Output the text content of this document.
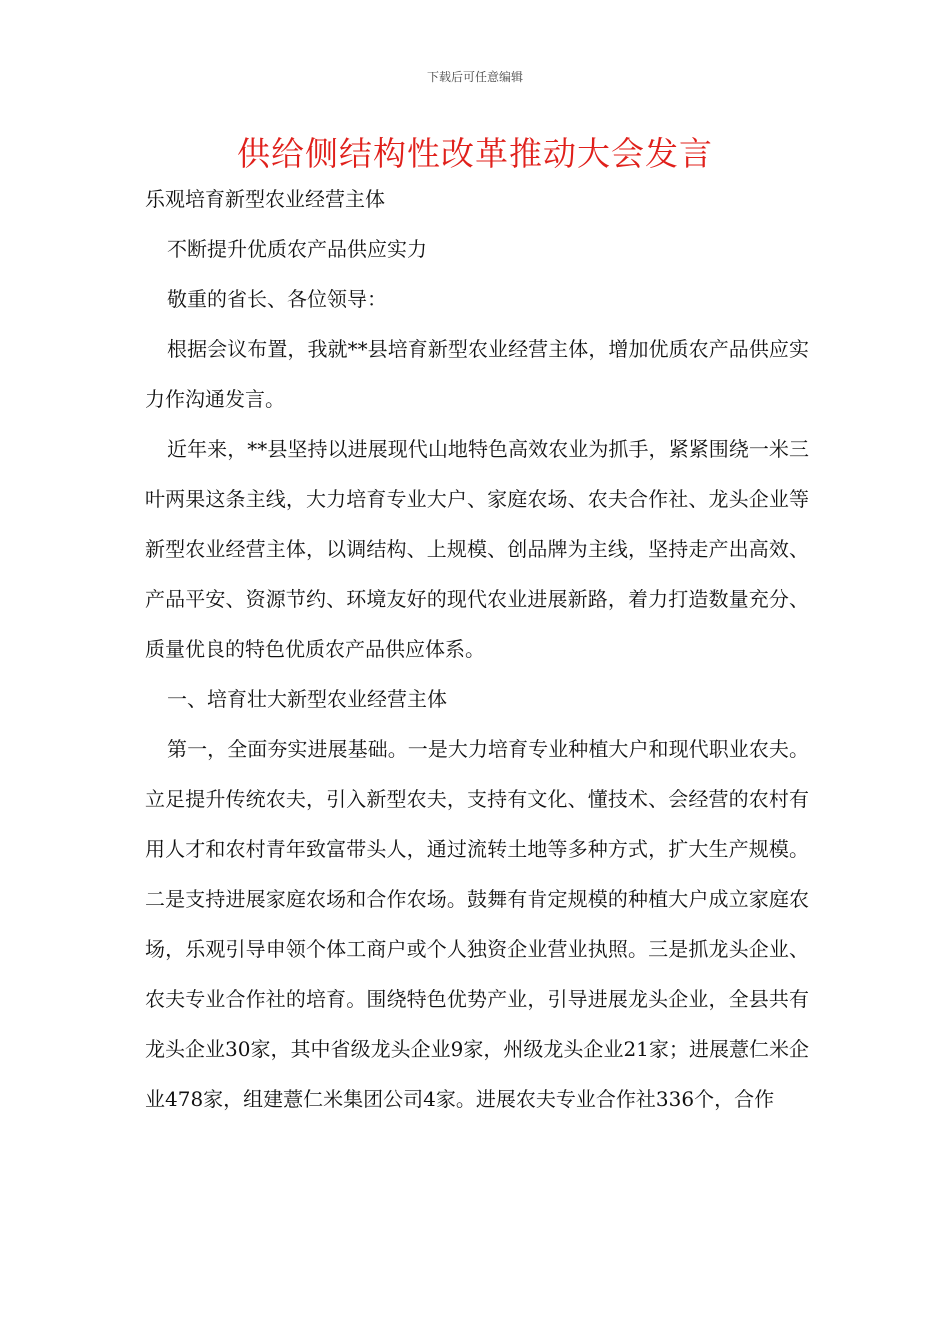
下载后可任意编辑
供给侧结构性改革推动大会发言

乐观培育新型农业经营主体

不断提升优质农产品供应实力

敬重的省长、各位领导：

根据会议布置，我就**县培育新型农业经营主体，增加优质农产品供应实力作沟通发言。

近年来，**县坚持以进展现代山地特色高效农业为抓手，紧紧围绕一米三叶两果这条主线，大力培育专业大户、家庭农场、农夫合作社、龙头企业等新型农业经营主体，以调结构、上规模、创品牌为主线，坚持走产出高效、产品平安、资源节约、环境友好的现代农业进展新路，着力打造数量充分、质量优良的特色优质农产品供应体系。

一、培育壮大新型农业经营主体

第一，全面夯实进展基础。一是大力培育专业种植大户和现代职业农夫。立足提升传统农夫，引入新型农夫，支持有文化、懂技术、会经营的农村有用人才和农村青年致富带头人，通过流转土地等多种方式，扩大生产规模。二是支持进展家庭农场和合作农场。鼓舞有肯定规模的种植大户成立家庭农场，乐观引导申领个体工商户或个人独资企业营业执照。三是抓龙头企业、农夫专业合作社的培育。围绕特色优势产业，引导进展龙头企业，全县共有龙头企业30家，其中省级龙头企业9家，州级龙头企业21家；进展薏仁米企业478家，组建薏仁米集团公司4家。进展农夫专业合作社336个，合作
